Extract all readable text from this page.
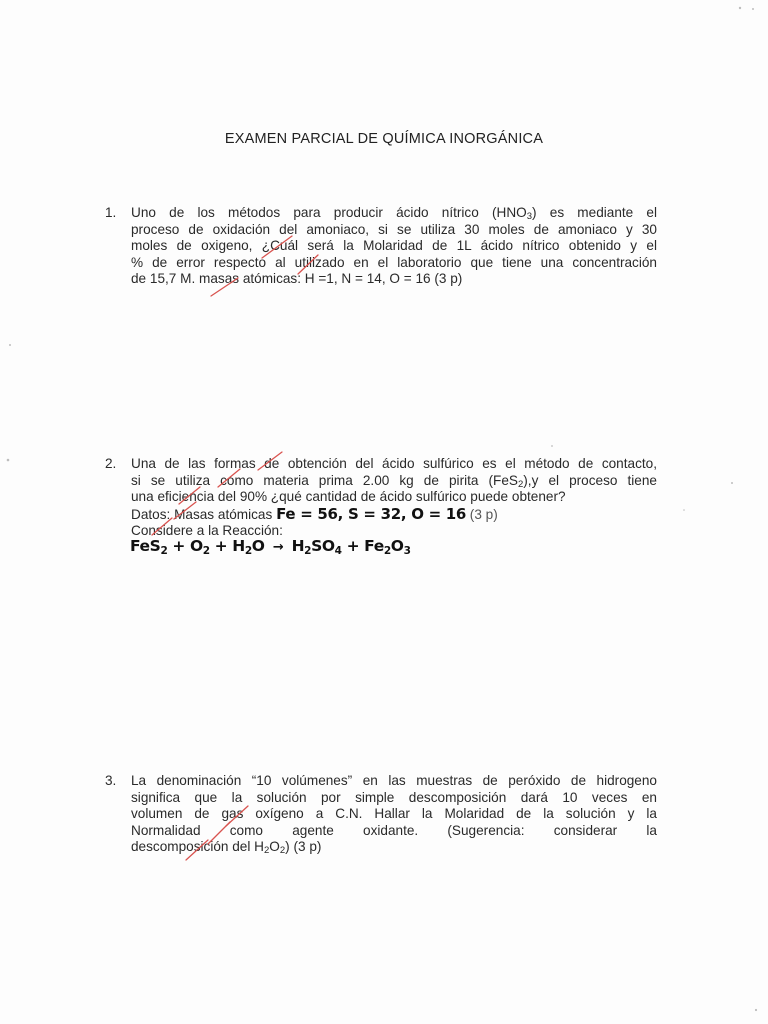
EXAMEN PARCIAL DE QUÍMICA INORGÁNICA
1.	Uno de los métodos para producir ácido nítrico $(HNO_3)$ es mediante el
proceso de oxidación del amoniaco, si se utiliza 30 moles de amoniaco y 30
moles de oxigeno, ¿Cuál será la Molaridad de 1L ácido nítrico obtenido y el
% de error respecto al utilizado en el laboratorio que tiene una concentración
de 15,7 M. masas atómicas: H =1, N = 14, O = 16 (3 p)
2.	Una de las formas de obtención del ácido sulfúrico es el método de contacto,
si se utiliza como materia prima 2.00 kg de pirita (FeS$_2$),y el proceso tiene
una eficiencia del 90% ¿qué cantidad de ácido sulfúrico puede obtener?
Datos: Masas atómicas Fe = 56, S = 32, O = 16 (3 p)
Considere a la Reacción:
$FeS_2 + O_2 + H_2O \to H_2SO_4 + Fe_2O_3$
3.	La denominación “10 volúmenes” en las muestras de peróxido de hidrogeno
significa que la solución por simple descomposición dará 10 veces en
volumen de gas oxígeno a C.N. Hallar la Molaridad de la solución y la
Normalidad como agente oxidante. (Sugerencia: considerar la
descomposición del $H_2O_2$) (3 p)
